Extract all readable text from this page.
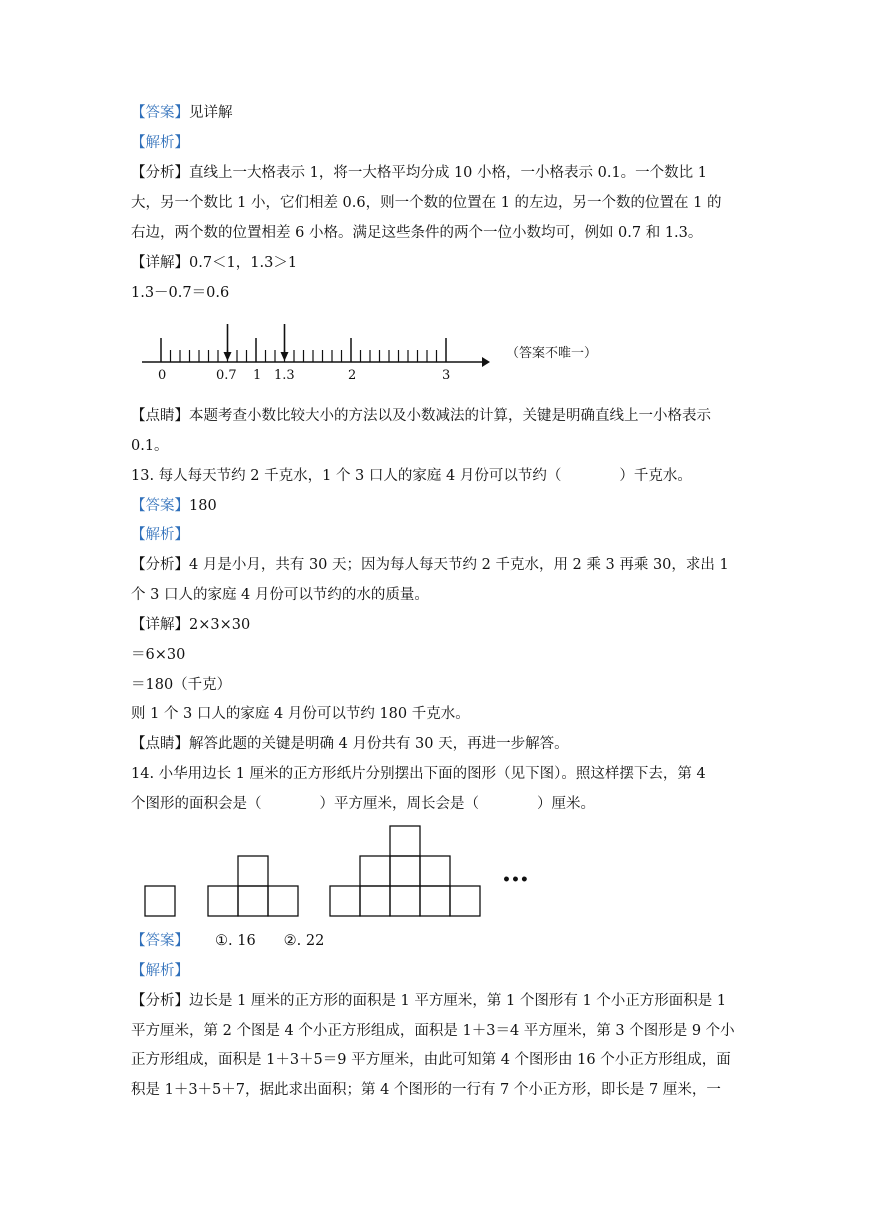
【答案】见详解
【解析】
【分析】直线上一大格表示 1，将一大格平均分成 10 小格，一小格表示 0.1。一个数比 1
大，另一个数比 1 小，它们相差 0.6，则一个数的位置在 1 的左边，另一个数的位置在 1 的
右边，两个数的位置相差 6 小格。满足这些条件的两个一位小数均可，例如 0.7 和 1.3。
【详解】0.7＜1，1.3＞1
1.3－0.7＝0.6
0	0.7 1 1.3	2	3
（答案不唯一）
【点睛】本题考查小数比较大小的方法以及小数减法的计算，关键是明确直线上一小格表示
0.1。
13. 每人每天节约 2 千克水，1 个 3 口人的家庭 4 月份可以节约（	）千克水。
【答案】180
【解析】
【分析】4 月是小月，共有 30 天；因为每人每天节约 2 千克水，用 2 乘 3 再乘 30，求出 1
个 3 口人的家庭 4 月份可以节约的水的质量。
【详解】2×3×30
＝6×30
＝180（千克）
则 1 个 3 口人的家庭 4 月份可以节约 180 千克水。
【点睛】解答此题的关键是明确 4 月份共有 30 天，再进一步解答。
14. 小华用边长 1 厘米的正方形纸片分别摆出下面的图形（见下图）。照这样摆下去，第 4
个图形的面积会是（	）平方厘米，周长会是（	）厘米。
•••
【答案】 ①. 16 ②. 22
【解析】
【分析】边长是 1 厘米的正方形的面积是 1 平方厘米，第 1 个图形有 1 个小正方形面积是 1
平方厘米，第 2 个图是 4 个小正方形组成，面积是 1＋3＝4 平方厘米，第 3 个图形是 9 个小
正方形组成，面积是 1＋3＋5＝9 平方厘米，由此可知第 4 个图形由 16 个小正方形组成，面
积是 1＋3＋5＋7，据此求出面积；第 4 个图形的一行有 7 个小正方形，即长是 7 厘米，一
